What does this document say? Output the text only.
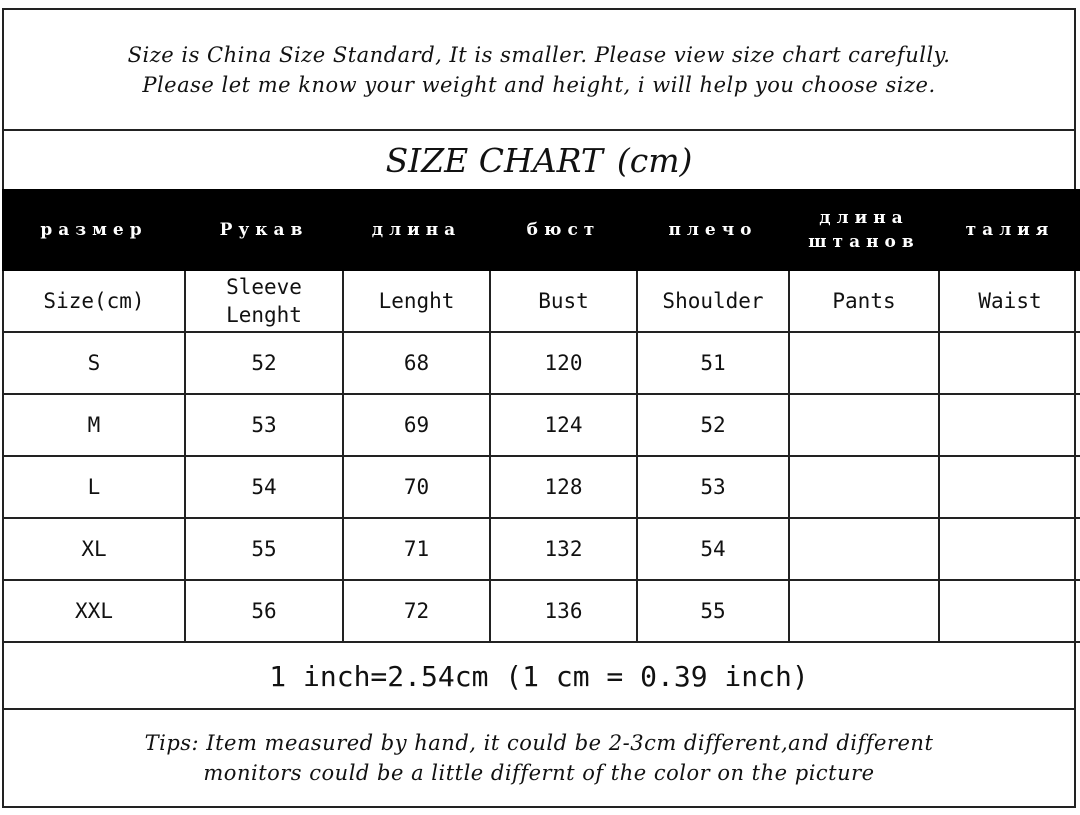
Size is China Size Standard, It is smaller. Please view size chart carefully.
Please let me know your weight and height, i will help you choose size.
SIZE CHART (cm)
размер	Рукав	длина	бюст	плечо	длина штанов	талия
Size(cm)	Sleeve Lenght	Lenght	Bust	Shoulder	Pants	Waist
S	52	68	120	51		
M	53	69	124	52		
L	54	70	128	53		
XL	55	71	132	54		
XXL	56	72	136	55		
1 inch=2.54cm (1 cm = 0.39 inch)
Tips: Item measured by hand, it could be 2-3cm different,and different
monitors could be a little differnt of the color on the picture
